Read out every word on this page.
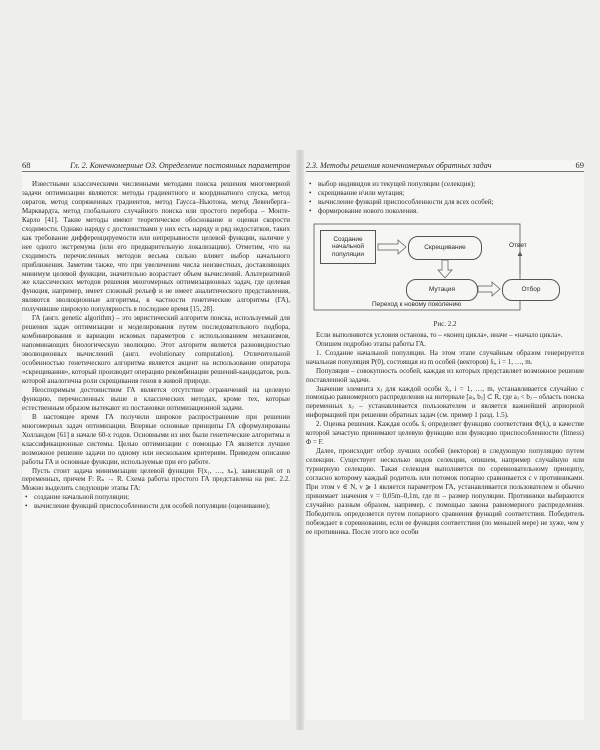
68	Гл. 2. Конечномерные ОЗ. Определение постоянных параметров

Известными классическими численными методами поиска решения многомерной задачи оптимизации являются: методы градиентного и координатного спуска, метод оврагов, метод сопряженных градиентов, метод Гаусса–Ньютона, метод Левенберга–Марквардта, метод глобального случайного поиска или простого перебора – Монте-Карло [41]. Такие методы имеют теоретическое обоснование и оценки скорости сходимости. Однако наряду с достоинствами у них есть наряду и ряд недостатков, таких как требование дифференцируемости или непрерывности целевой функции, наличие у нее одного экстремума (или его предварительную локализацию). Отметим, что на сходимость перечисленных методов весьма сильно влияет выбор начального приближения. Заметим также, что при увеличении числа неизвестных, доставляющих минимум целевой функции, значительно возрастает объем вычислений. Альтернативой же классических методов решения многомерных оптимизационных задач, где целевая функция, например, имеет сложный рельеф и не имеет аналитического представления, являются эволюционные алгоритмы, в частности генетические алгоритмы (ГА), получившие широкую популярность в последнее время [15, 28].

ГА (англ. genetic algorithm) – это эвристический алгоритм поиска, используемый для решения задач оптимизации и моделирования путем последовательного подбора, комбинирования и вариации искомых параметров с использованием механизмов, напоминающих биологическую эволюцию. Этот алгоритм является разновидностью эволюционных вычислений (англ. evolutionary computation). Отличительной особенностью генетического алгоритма является акцент на использование оператора «скрещивания», который производит операцию рекомбинации решений-кандидатов, роль которой аналогична роли скрещивания генов в живой природе.

Неоспоримым достоинством ГА является отсутствие ограничений на целевую функцию, перечисленных выше в классических методах, кроме тех, которые естественным образом вытекают из постановки оптимизационной задачи.

В настоящее время ГА получили широкое распространение при решении многомерных задач оптимизации. Впервые основные принципы ГА сформулированы Холландом [61] в начале 60-х годов. Основными из них были генетические алгоритмы и классификационные системы. Целью оптимизации с помощью ГА является лучшее возможное решение задачи по одному или нескольким критериям. Приведем описание работы ГА и основные функции, используемые при его работе.

Пусть стоит задача минимизации целевой функции F(x₁, …, xₙ), зависящей от n переменных, причем F: Rₙ → R. Схема работы простого ГА представлена на рис. 2.2. Можно выделить следующие этапы ГА:

• создание начальной популяции;
• вычисление функций приспособленности для особей популяции (оценивание);
2.3. Методы решения конечномерных обратных задач	69
• выбор индивидов из текущей популяции (селекция);
• скрещивание и\или мутация;
• вычисление функций приспособленности для всех особей;
• формирование нового поколения.
Создание начальной популяции
Скрещивание
Мутация	Отбор
Ответ
Переход к новому поколению
Рис. 2.2

Если выполняются условия останова, то – «конец цикла», иначе – «начало цикла».

Опишем подробно этапы работы ГА.

1. Создание начальной популяции. На этом этапе случайным образом генерируется начальная популяция P(0), состоящая из m особей (векторов) x̄ᵢ, i = 1, …, m.

Популяция – совокупность особей, каждая из которых представляет возможное решение поставленной задачи.

Значение элемента xⱼ для каждой особи x̄ᵢ, i = 1, …, m, устанавливается случайно с помощью равномерного распределения на интервале [aⱼ, bⱼ] ⊂ R, где aⱼ < bⱼ – область поиска переменных xⱼ – устанавливается пользователем и является важнейшей априорной информацией при решении обратных задач (см. пример 1 разд. 1.5).

2. Оценка решения. Каждая особь x̄ᵢ определяет функцию соответствия Φ(x̄ᵢ), в качестве которой зачастую принимают целевую функцию или функцию приспособленности (fitness) Φ = F.

Далее, происходит отбор лучших особей (векторов) в следующую популяцию путем селекции. Существует несколько видов селекции, опишем, например случайную или турнирную селекцию. Такая селекция выполняется по соревновательному принципу, согласно которому каждый родитель или потомок попарно сравнивается с ν противниками. При этом ν ∈ N, ν ⩾ 1 является параметром ГА, устанавливается пользователем и обычно принимает значения ν = 0,05m–0,1m, где m – размер популяции. Противники выбираются случайно разным образом, например, с помощью закона равномерного распределения. Победитель определяется путем попарного сравнения функций соответствия. Победитель побеждает в соревновании, если ее функция соответствия (по меньшей мере) не хуже, чем у ее противника. После этого все особи
